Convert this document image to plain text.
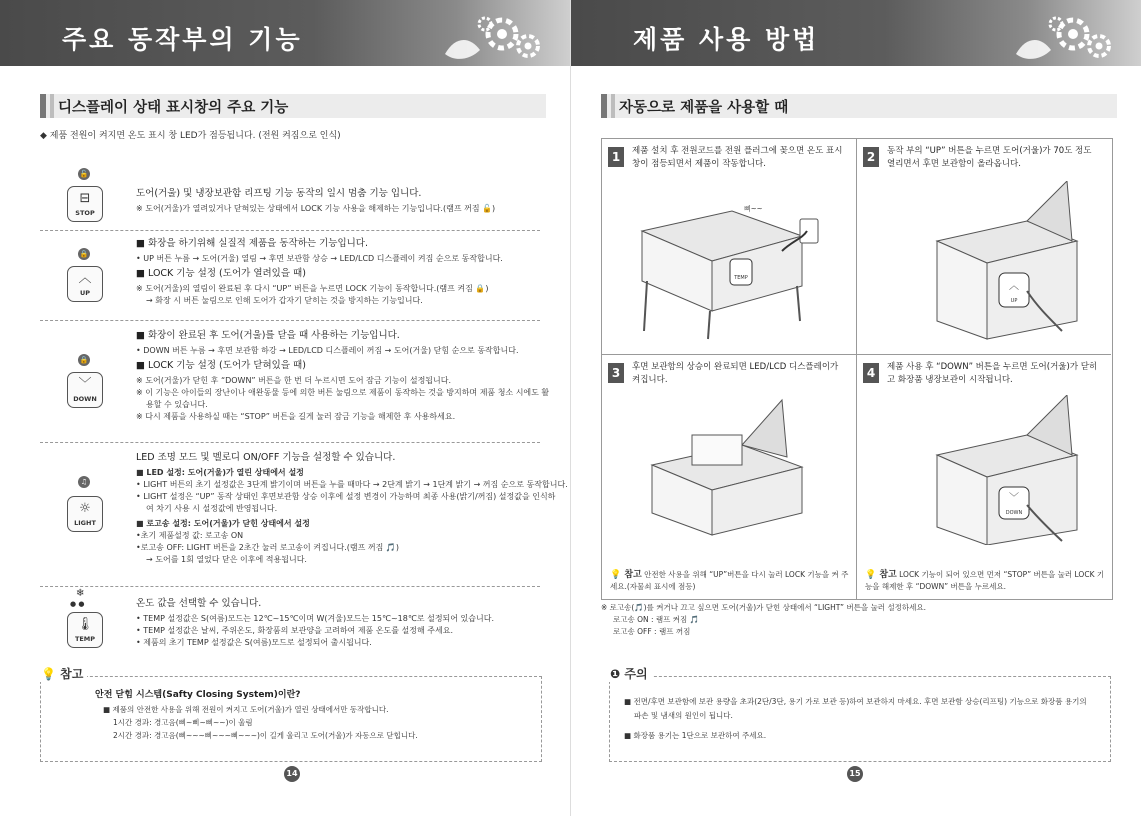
주요 동작부의 기능
디스플레이 상태 표시창의 주요 기능
◆ 제품 전원이 켜지면 온도 표시 창 LED가 점등됩니다. (전원 켜짐으로 인식)
🔓
⊟
STOP
도어(거울) 및 냉장보관함 리프팅 기능 동작의 일시 멈춤 기능 입니다.
※ 도어(거울)가 열려있거나 닫혀있는 상태에서 LOCK 기능 사용을 해제하는 기능입니다.(램프 꺼짐 🔓)
🔒
︿
UP
■ 화장을 하기위해 실질적 제품을 동작하는 기능입니다.
• UP 버튼 누름 → 도어(거울) 열림 → 후면 보관함 상승 → LED/LCD 디스플레이 켜짐 순으로 동작합니다.
■ LOCK 기능 설정 (도어가 열려있을 때)
※ 도어(거울)의 열림이 완료된 후 다시 “UP” 버튼을 누르면 LOCK 기능이 동작합니다.(램프 켜짐 🔒)
→ 화장 시 버튼 눌림으로 인해 도어가 갑자기 닫히는 것을 방지하는 기능입니다.
🔒
﹀
DOWN
■ 화장이 완료된 후 도어(거울)를 닫을 때 사용하는 기능입니다.
• DOWN 버튼 누름 → 후면 보관함 하강 → LED/LCD 디스플레이 꺼짐 → 도어(거울) 닫힘 순으로 동작합니다.
■ LOCK 기능 설정 (도어가 닫혀있을 때)
※ 도어(거울)가 닫힌 후 “DOWN” 버튼을 한 번 더 누르시면 도어 잠금 기능이 설정됩니다.
※ 이 기능은 아이들의 장난이나 애완동물 등에 의한 버튼 눌림으로 제품이 동작하는 것을 방지하며 제품 청소 시에도 활
용할 수 있습니다.
※ 다시 제품을 사용하실 때는 “STOP” 버튼을 길게 눌러 잠금 기능을 해제한 후 사용하세요.
♫
☼
LIGHT
LED 조명 모드 및 멜로디 ON/OFF 기능을 설정할 수 있습니다.
■ LED 설정: 도어(거울)가 열린 상태에서 설정
• LIGHT 버튼의 초기 설정값은 3단계 밝기이며 버튼을 누를 때마다 → 2단계 밝기 → 1단계 밝기 → 꺼짐 순으로 동작합니다.
• LIGHT 설정은 “UP” 동작 상태인 후면보관함 상승 이후에 설정 변경이 가능하며 최종 사용(밝기/꺼짐) 설정값을 인식하
여 차기 사용 시 설정값에 반영됩니다.
■ 로고송 설정: 도어(거울)가 닫힌 상태에서 설정
•초기 제품설정 값: 로고송 ON
•로고송 OFF: LIGHT 버튼을 2초간 눌러 로고송이 켜집니다.(램프 꺼짐 🎵)
→ 도어를 1회 열었다 닫은 이후에 적용됩니다.
❄
● ●
🌡
TEMP
온도 값을 선택할 수 있습니다.
• TEMP 설정값은 S(여름)모드는 12℃~15℃이며 W(겨울)모드는 15℃~18℃로 설정되어 있습니다.
• TEMP 설정값은 날씨, 주위온도, 화장품의 보관양을 고려하여 제품 온도를 설정해 주세요.
• 제품의 초기 TEMP 설정값은 S(여름)모드로 설정되어 출시됩니다.
💡 참고
안전 닫힘 시스템(Safty Closing System)이란?
■ 제품의 안전한 사용을 위해 전원이 켜지고 도어(거울)가 열린 상태에서만 동작합니다.
1시간 경과: 경고음(삐~삐~삐~~)이 울림
2시간 경과: 경고음(삐~~~삐~~~삐~~~)이 길게 울리고 도어(거울)가 자동으로 닫힙니다.
14
제품 사용 방법
자동으로 제품을 사용할 때
1	제품 설치 후 전원코드를 전원 플러그에 꽂으면 온도 표시 창이 점등되면서 제품이 작동합니다.
TEMP
삐~~
2	동작 부의 “UP” 버튼을 누르면 도어(거울)가 70도 정도 열리면서 후면 보관함이 올라옵니다.
︿
UP
3	후면 보관함의 상승이 완료되면 LED/LCD 디스플레이가 켜집니다.
💡 참고 안전한 사용을 위해 “UP”버튼을 다시 눌러 LOCK 기능을 켜 주세요.(자물쇠 표시에 점등)
4	제품 사용 후 “DOWN” 버튼을 누르면 도어(거울)가 닫히고 화장품 냉장보관이 시작됩니다.
﹀
DOWN
💡 참고 LOCK 기능이 되어 있으면 먼저 “STOP” 버튼을 눌러 LOCK 기능을 해제한 후 “DOWN” 버튼을 누르세요.
※ 로고송(🎵)를 켜거나 끄고 싶으면 도어(거울)가 닫힌 상태에서 “LIGHT” 버튼을 눌러 설정하세요.
로고송 ON : 램프 켜짐 🎵
로고송 OFF : 램프 꺼짐
❶ 주의
■ 전면/후면 보관함에 보관 용량을 초과(2단/3단, 용기 가로 보관 등)하여 보관하지 마세요. 후면 보관함 상승(리프팅) 기능으로 화장품 용기의
파손 및 냄새의 원인이 됩니다.
■ 화장품 용기는 1단으로 보관하여 주세요.
15
